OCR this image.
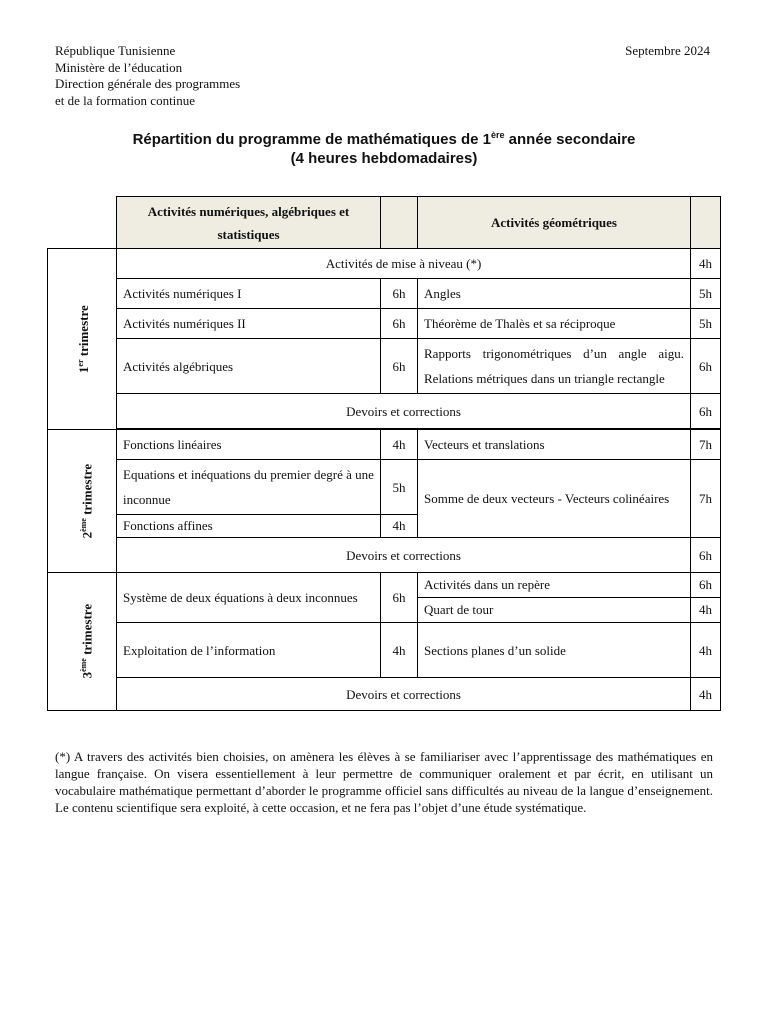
République Tunisienne
Ministère de l’éducation
Direction générale des programmes
et de la formation continue
Septembre 2024
Répartition du programme de mathématiques de 1ère année secondaire
(4 heures hebdomadaires)
	Activités numériques, algébriques et statistiques		Activités géométriques	
1er trimestre	Activités de mise à niveau (*)			4h
	Activités numériques I	6h	Angles	5h
	Activités numériques II	6h	Théorème de Thalès et sa réciproque	5h
	Activités algébriques	6h	Rapports trigonométriques d’un angle aigu. Relations métriques dans un triangle rectangle	6h
	Devoirs et corrections			6h

2ème trimestre	Fonctions linéaires	4h	Vecteurs et translations	7h
	Equations et inéquations du premier degré à une inconnue	5h	Somme de deux vecteurs - Vecteurs colinéaires	7h
	Fonctions affines	4h		
	Devoirs et corrections			6h
3ème trimestre	Système de deux équations à deux inconnues	6h	Activités dans un repère	6h
			Quart de tour	4h
	Exploitation de l’information	4h	Sections planes d’un solide	4h
	Devoirs et corrections			4h
(*) A travers des activités bien choisies, on amènera les élèves à se familiariser avec l’apprentissage des mathématiques en langue française. On visera essentiellement à leur permettre de communiquer oralement et par écrit, en utilisant un vocabulaire mathématique permettant d’aborder le programme officiel sans difficultés au niveau de la langue d’enseignement. Le contenu scientifique sera exploité, à cette occasion, et ne fera pas l’objet d’une étude systématique.
